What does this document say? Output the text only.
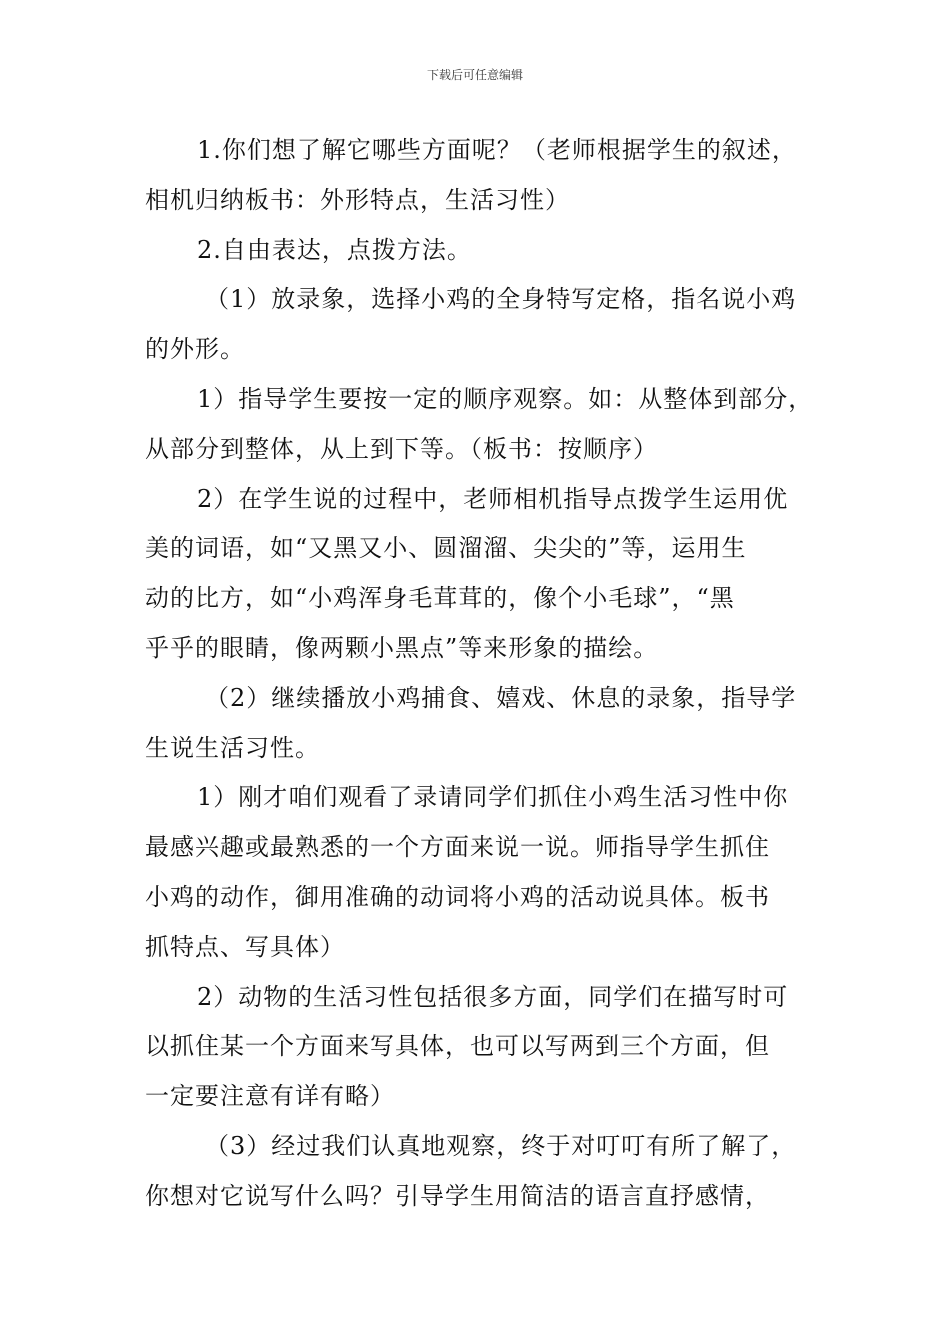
下载后可任意编辑
1.你们想了解它哪些方面呢？（老师根据学生的叙述，
相机归纳板书：外形特点，生活习性）
2.自由表达，点拨方法。
（1）放录象，选择小鸡的全身特写定格，指名说小鸡
的外形。
1）指导学生要按一定的顺序观察。如：从整体到部分，
从部分到整体，从上到下等。（板书：按顺序）
2）在学生说的过程中，老师相机指导点拨学生运用优
美的词语，如“又黑又小、圆溜溜、尖尖的”等，运用生
动的比方，如“小鸡浑身毛茸茸的，像个小毛球”，“黑
乎乎的眼睛，像两颗小黑点”等来形象的描绘。
（2）继续播放小鸡捕食、嬉戏、休息的录象，指导学
生说生活习性。
1）刚才咱们观看了录请同学们抓住小鸡生活习性中你
最感兴趣或最熟悉的一个方面来说一说。师指导学生抓住
小鸡的动作，御用准确的动词将小鸡的活动说具体。板书
抓特点、写具体）
2）动物的生活习性包括很多方面，同学们在描写时可
以抓住某一个方面来写具体，也可以写两到三个方面，但
一定要注意有详有略）
（3）经过我们认真地观察，终于对叮叮有所了解了，
你想对它说写什么吗？引导学生用简洁的语言直抒感情，
